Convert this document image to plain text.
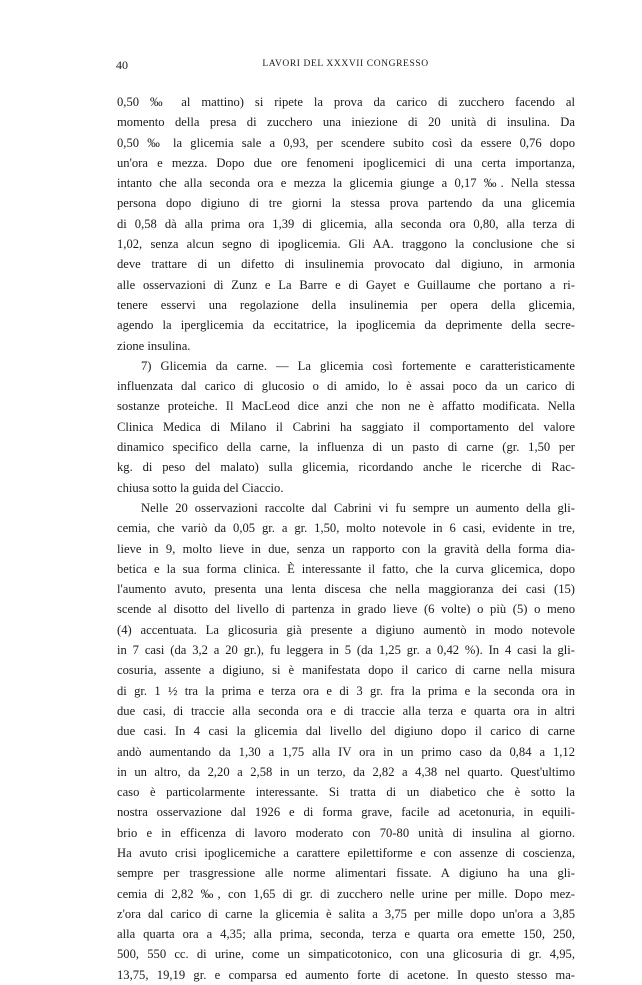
40	LAVORI DEL XXXVII CONGRESSO
0,50 ‰ al mattino) si ripete la prova da carico di zucchero facendo al
momento della presa di zucchero una iniezione di 20 unità di insulina. Da
0,50 ‰ la glicemia sale a 0,93, per scendere subito così da essere 0,76 dopo
un'ora e mezza. Dopo due ore fenomeni ipoglicemici di una certa importanza,
intanto che alla seconda ora e mezza la glicemia giunge a 0,17 ‰. Nella stessa
persona dopo digiuno di tre giorni la stessa prova partendo da una glicemia
di 0,58 dà alla prima ora 1,39 di glicemia, alla seconda ora 0,80, alla terza di
1,02, senza alcun segno di ipoglicemia. Gli AA. traggono la conclusione che si
deve trattare di un difetto di insulinemia provocato dal digiuno, in armonia
alle osservazioni di Zunz e La Barre e di Gayet e Guillaume che portano a ri-
tenere esservi una regolazione della insulinemia per opera della glicemia,
agendo la iperglicemia da eccitatrice, la ipoglicemia da deprimente della secre-
zione insulina.
7) Glicemia da carne. — La glicemia così fortemente e caratteristicamente
influenzata dal carico di glucosio o di amido, lo è assai poco da un carico di
sostanze proteiche. Il MacLeod dice anzi che non ne è affatto modificata. Nella
Clinica Medica di Milano il Cabrini ha saggiato il comportamento del valore
dinamico specifico della carne, la influenza di un pasto di carne (gr. 1,50 per
kg. di peso del malato) sulla glicemia, ricordando anche le ricerche di Rac-
chiusa sotto la guida del Ciaccio.
Nelle 20 osservazioni raccolte dal Cabrini vi fu sempre un aumento della gli-
cemia, che variò da 0,05 gr. a gr. 1,50, molto notevole in 6 casi, evidente in tre,
lieve in 9, molto lieve in due, senza un rapporto con la gravità della forma dia-
betica e la sua forma clinica. È interessante il fatto, che la curva glicemica, dopo
l'aumento avuto, presenta una lenta discesa che nella maggioranza dei casi (15)
scende al disotto del livello di partenza in grado lieve (6 volte) o più (5) o meno
(4) accentuata. La glicosuria già presente a digiuno aumentò in modo notevole
in 7 casi (da 3,2 a 20 gr.), fu leggera in 5 (da 1,25 gr. a 0,42 %). In 4 casi la gli-
cosuria, assente a digiuno, si è manifestata dopo il carico di carne nella misura
di gr. 1 ½ tra la prima e terza ora e di 3 gr. fra la prima e la seconda ora in
due casi, di traccie alla seconda ora e di traccie alla terza e quarta ora in altri
due casi. In 4 casi la glicemia dal livello del digiuno dopo il carico di carne
andò aumentando da 1,30 a 1,75 alla IV ora in un primo caso da 0,84 a 1,12
in un altro, da 2,20 a 2,58 in un terzo, da 2,82 a 4,38 nel quarto. Quest'ultimo
caso è particolarmente interessante. Si tratta di un diabetico che è sotto la
nostra osservazione dal 1926 e di forma grave, facile ad acetonuria, in equili-
brio e in efficenza di lavoro moderato con 70-80 unità di insulina al giorno.
Ha avuto crisi ipoglicemiche a carattere epilettiforme e con assenze di coscienza,
sempre per trasgressione alle norme alimentari fissate. A digiuno ha una gli-
cemia di 2,82 ‰, con 1,65 di gr. di zucchero nelle urine per mille. Dopo mez-
z'ora dal carico di carne la glicemia è salita a 3,75 per mille dopo un'ora a 3,85
alla quarta ora a 4,35; alla prima, seconda, terza e quarta ora emette 150, 250,
500, 550 cc. di urine, come un simpaticotonico, con una glicosuria di gr. 4,95,
13,75, 19,19 gr. e comparsa ed aumento forte di acetone. In questo stesso ma-
